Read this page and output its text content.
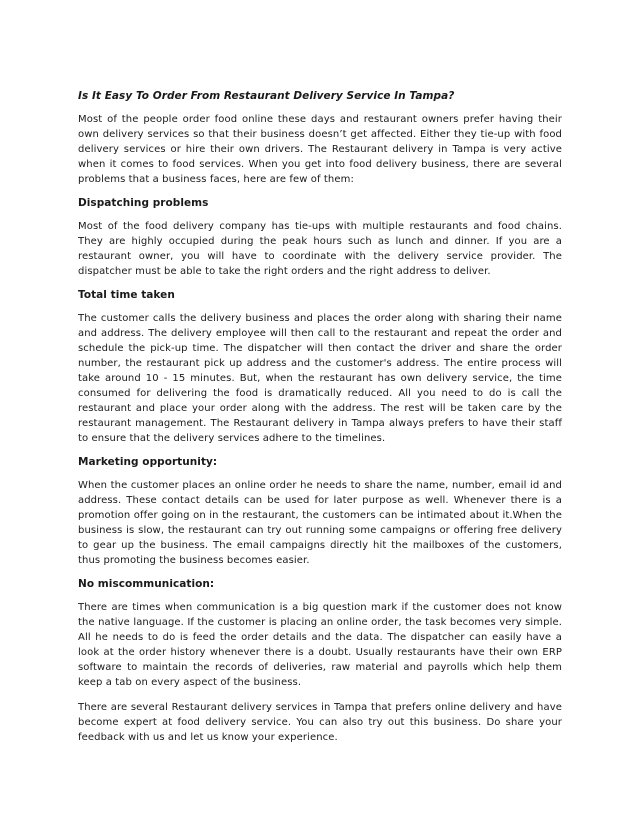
Is It Easy To Order From Restaurant Delivery Service In Tampa?

Most of the people order food online these days and restaurant owners prefer having their own delivery services so that their business doesn’t get affected. Either they tie-up with food delivery services or hire their own drivers. The Restaurant delivery in Tampa is very active when it comes to food services. When you get into food delivery business, there are several problems that a business faces, here are few of them:

Dispatching problems

Most of the food delivery company has tie-ups with multiple restaurants and food chains. They are highly occupied during the peak hours such as lunch and dinner. If you are a restaurant owner, you will have to coordinate with the delivery service provider. The dispatcher must be able to take the right orders and the right address to deliver.

Total time taken

The customer calls the delivery business and places the order along with sharing their name and address. The delivery employee will then call to the restaurant and repeat the order and schedule the pick-up time. The dispatcher will then contact the driver and share the order number, the restaurant pick up address and the customer's address. The entire process will take around 10 - 15 minutes. But, when the restaurant has own delivery service, the time consumed for delivering the food is dramatically reduced. All you need to do is call the restaurant and place your order along with the address. The rest will be taken care by the restaurant management. The Restaurant delivery in Tampa always prefers to have their staff to ensure that the delivery services adhere to the timelines.

Marketing opportunity:

When the customer places an online order he needs to share the name, number, email id and address. These contact details can be used for later purpose as well. Whenever there is a promotion offer going on in the restaurant, the customers can be intimated about it.When the business is slow, the restaurant can try out running some campaigns or offering free delivery to gear up the business. The email campaigns directly hit the mailboxes of the customers, thus promoting the business becomes easier.

No miscommunication:

There are times when communication is a big question mark if the customer does not know the native language. If the customer is placing an online order, the task becomes very simple. All he needs to do is feed the order details and the data. The dispatcher can easily have a look at the order history whenever there is a doubt. Usually restaurants have their own ERP software to maintain the records of deliveries, raw material and payrolls which help them keep a tab on every aspect of the business.

There are several Restaurant delivery services in Tampa that prefers online delivery and have become expert at food delivery service. You can also try out this business. Do share your feedback with us and let us know your experience.
